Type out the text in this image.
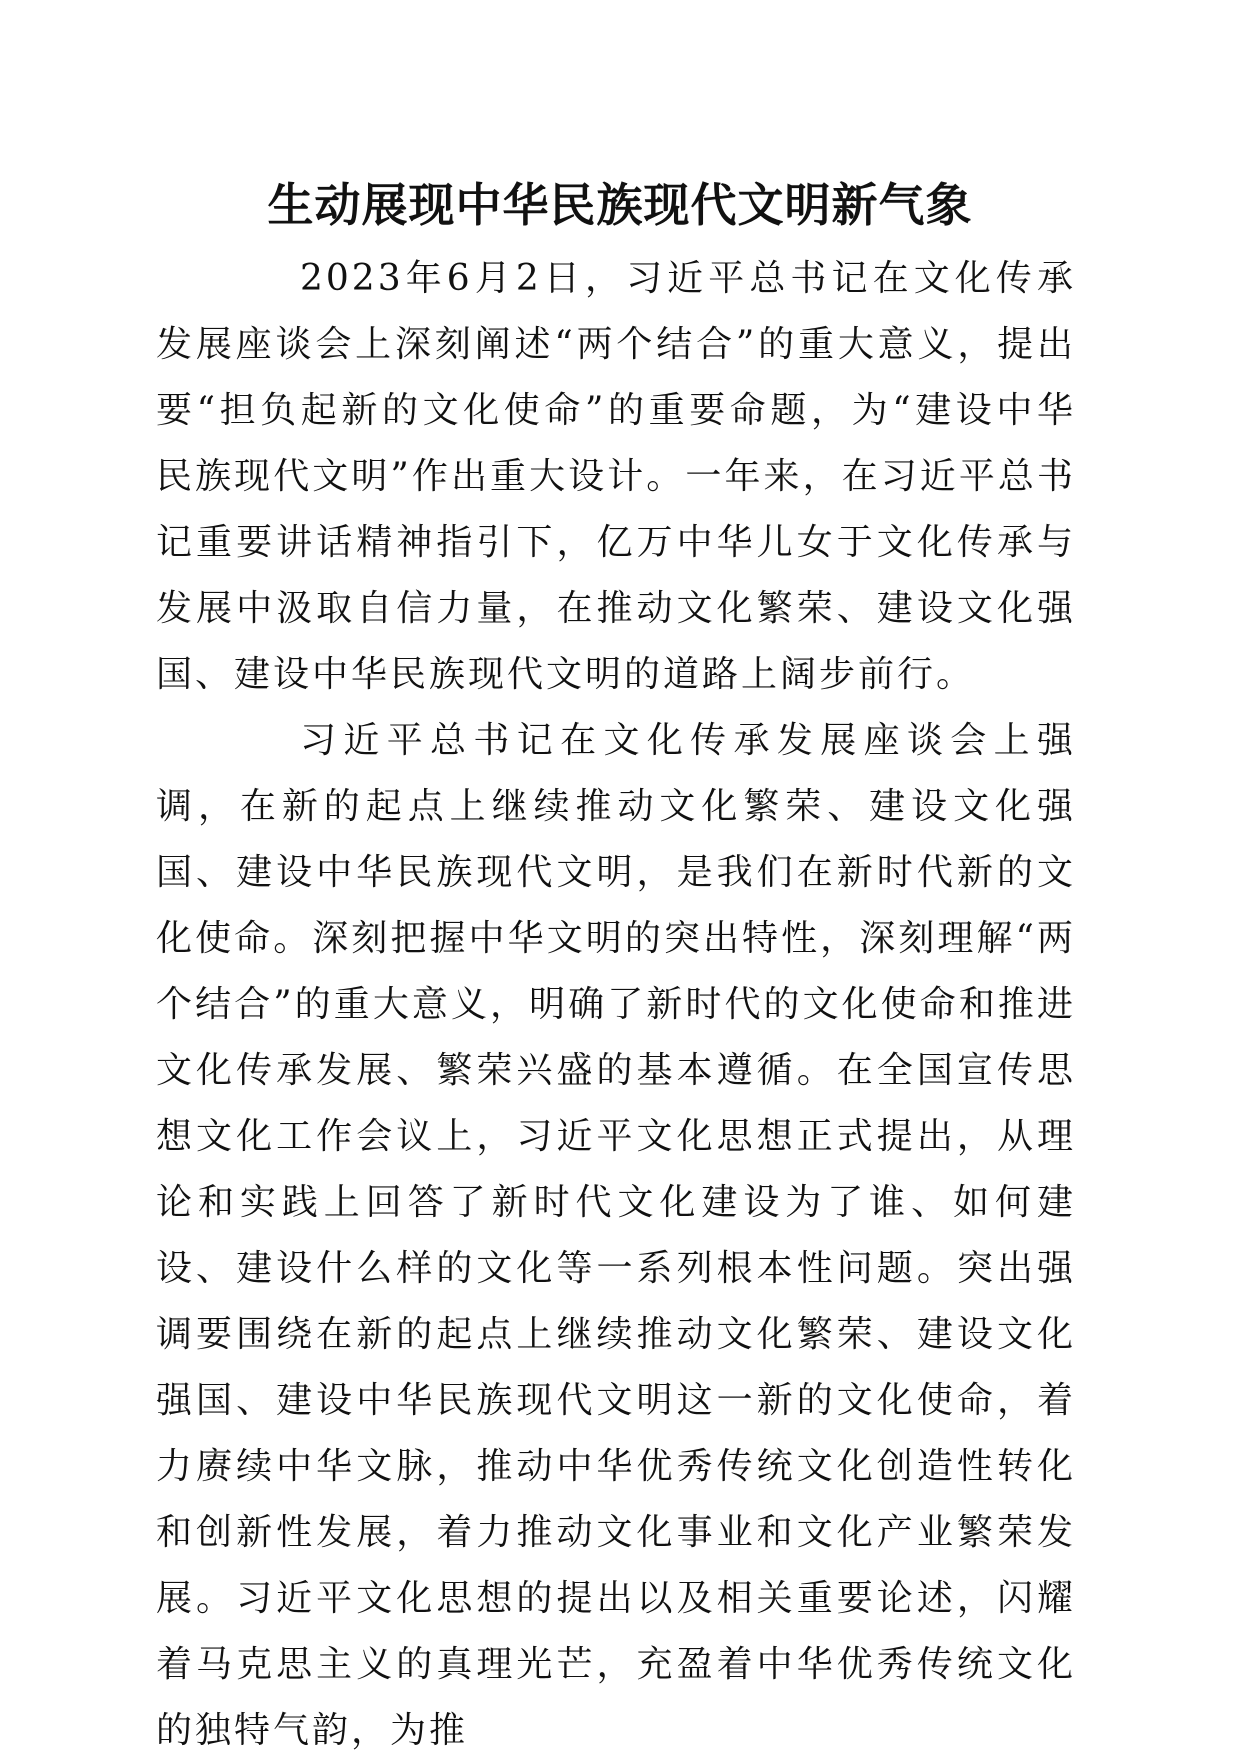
生动展现中华民族现代文明新气象

2023年6月2日，习近平总书记在文化传承发展座谈会上深刻阐述“两个结合”的重大意义，提出要“担负起新的文化使命”的重要命题，为“建设中华民族现代文明”作出重大设计。一年来，在习近平总书记重要讲话精神指引下，亿万中华儿女于文化传承与发展中汲取自信力量，在推动文化繁荣、建设文化强国、建设中华民族现代文明的道路上阔步前行。

习近平总书记在文化传承发展座谈会上强调，在新的起点上继续推动文化繁荣、建设文化强国、建设中华民族现代文明，是我们在新时代新的文化使命。深刻把握中华文明的突出特性，深刻理解“两个结合”的重大意义，明确了新时代的文化使命和推进文化传承发展、繁荣兴盛的基本遵循。在全国宣传思想文化工作会议上，习近平文化思想正式提出，从理论和实践上回答了新时代文化建设为了谁、如何建设、建设什么样的文化等一系列根本性问题。突出强调要围绕在新的起点上继续推动文化繁荣、建设文化强国、建设中华民族现代文明这一新的文化使命，着力赓续中华文脉，推动中华优秀传统文化创造性转化和创新性发展，着力推动文化事业和文化产业繁荣发展。习近平文化思想的提出以及相关重要论述，闪耀着马克思主义的真理光芒，充盈着中华优秀传统文化的独特气韵，为推
